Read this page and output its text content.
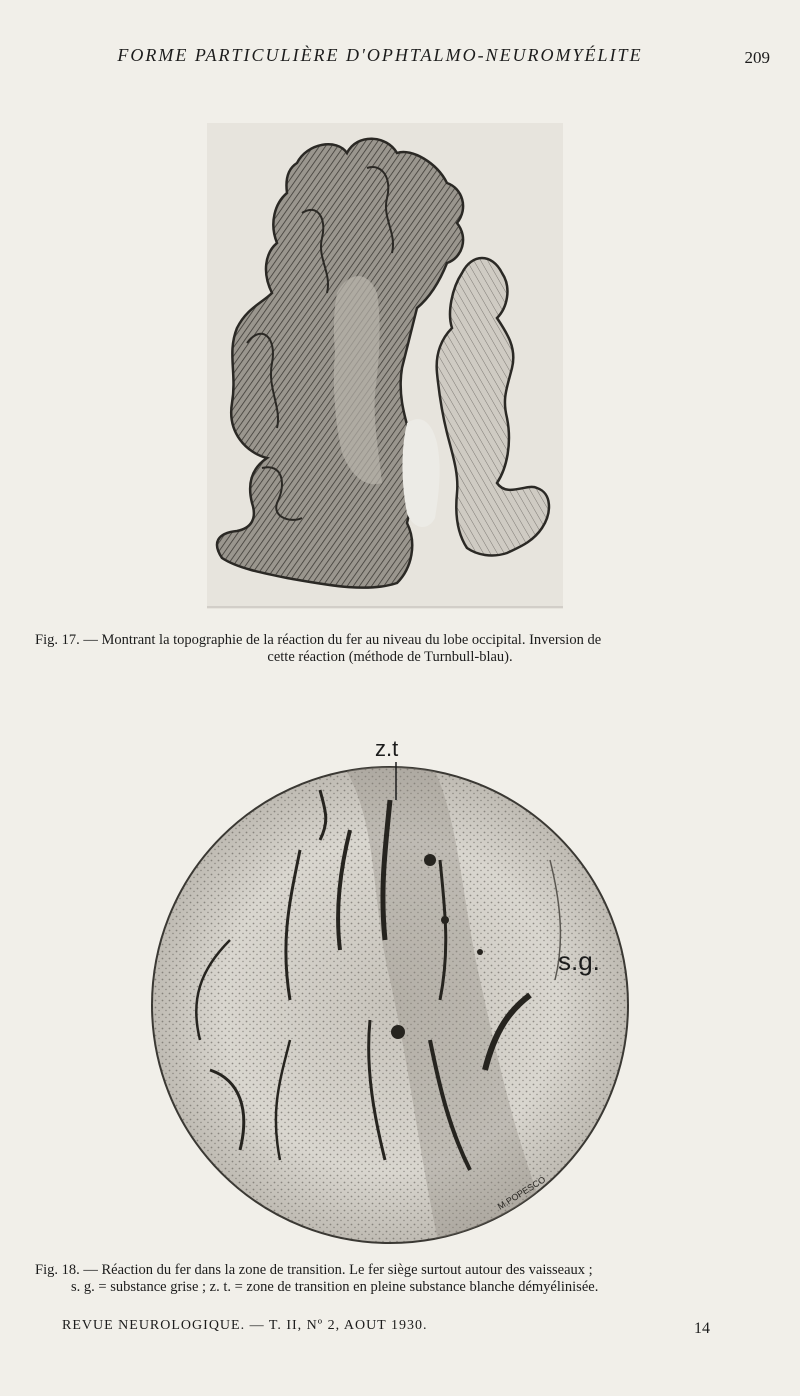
FORME PARTICULIÈRE D'OPHTALMO-NEUROMYÉLITE	209
Fig. 17. — Montrant la topographie de la réaction du fer au niveau du lobe occipital. Inversion de
cette réaction (méthode de Turnbull-blau).
z.t
s.g.
M.POPESCO
Fig. 18. — Réaction du fer dans la zone de transition. Le fer siège surtout autour des vaisseaux ;
s. g. = substance grise ; z. t. = zone de transition en pleine substance blanche démyélinisée.
REVUE NEUROLOGIQUE. — T. II, Nº 2, AOUT 1930.	14
